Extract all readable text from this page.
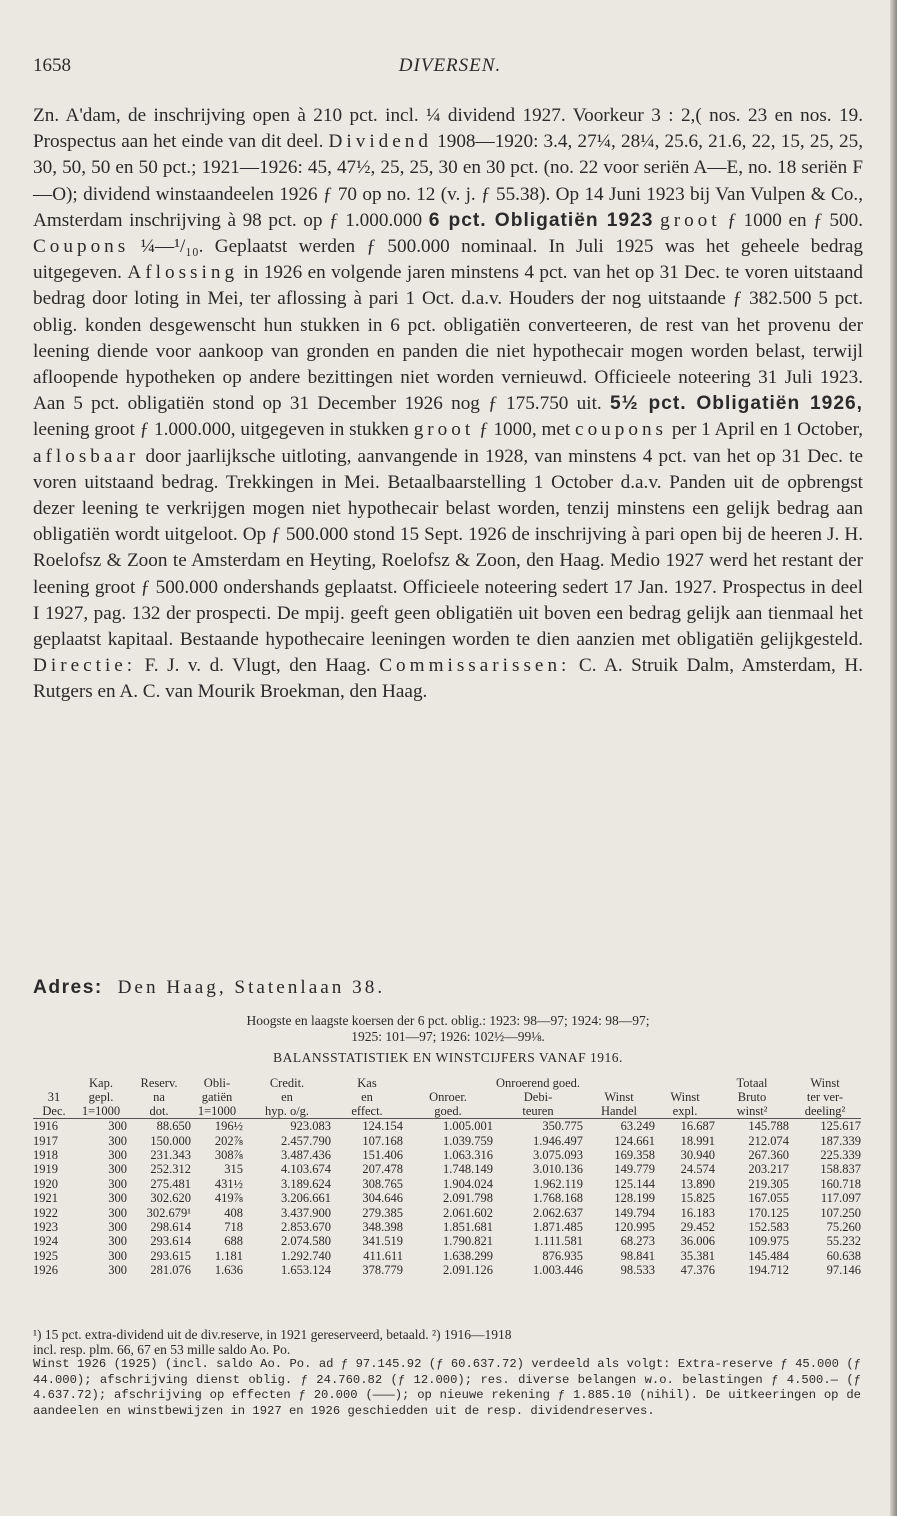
1658	DIVERSEN.
Zn. A'dam, de inschrijving open à 210 pct. incl. ¼ dividend 1927. Voorkeur 3 : 2,( nos. 23 en nos. 19. Prospectus aan het einde van dit deel. Dividend 1908—1920: 3.4, 27¼, 28¼, 25.6, 21.6, 22, 15, 25, 25, 30, 50, 50 en 50 pct.; 1921—1926: 45, 47½, 25, 25, 30 en 30 pct. (no. 22 voor seriën A—E, no. 18 seriën F—O); dividend winstaandeelen 1926 ƒ 70 op no. 12 (v. j. ƒ 55.38). Op 14 Juni 1923 bij Van Vulpen & Co., Amsterdam inschrijving à 98 pct. op ƒ 1.000.000 6 pct. Obligatiën 1923 groot ƒ 1000 en ƒ 500. Coupons ¼—¹/₁₀. Geplaatst werden ƒ 500.000 nominaal. In Juli 1925 was het geheele bedrag uitgegeven. Aflossing in 1926 en volgende jaren minstens 4 pct. van het op 31 Dec. te voren uitstaand bedrag door loting in Mei, ter aflossing à pari 1 Oct. d.a.v. Houders der nog uitstaande ƒ 382.500 5 pct. oblig. konden desgewenscht hun stukken in 6 pct. obligatiën converteeren, de rest van het provenu der leening diende voor aankoop van gronden en panden die niet hypothecair mogen worden belast, terwijl afloopende hypotheken op andere bezittingen niet worden vernieuwd. Officieele noteering 31 Juli 1923. Aan 5 pct. obligatiën stond op 31 December 1926 nog ƒ 175.750 uit. 5½ pct. Obligatiën 1926, leening groot ƒ 1.000.000, uitgegeven in stukken groot ƒ 1000, met coupons per 1 April en 1 October, aflosbaar door jaarlijksche uitloting, aanvangende in 1928, van minstens 4 pct. van het op 31 Dec. te voren uitstaand bedrag. Trekkingen in Mei. Betaalbaarstelling 1 October d.a.v. Panden uit de opbrengst dezer leening te verkrijgen mogen niet hypothecair belast worden, tenzij minstens een gelijk bedrag aan obligatiën wordt uitgeloot. Op ƒ 500.000 stond 15 Sept. 1926 de inschrijving à pari open bij de heeren J. H. Roelofsz & Zoon te Amsterdam en Heyting, Roelofsz & Zoon, den Haag. Medio 1927 werd het restant der leening groot ƒ 500.000 ondershands geplaatst. Officieele noteering sedert 17 Jan. 1927. Prospectus in deel I 1927, pag. 132 der prospecti. De mpij. geeft geen obligatiën uit boven een bedrag gelijk aan tienmaal het geplaatst kapitaal. Bestaande hypothecaire leeningen worden te dien aanzien met obligatiën gelijkgesteld. Directie: F. J. v. d. Vlugt, den Haag. Commissarissen: C. A. Struik Dalm, Amsterdam, H. Rutgers en A. C. van Mourik Broekman, den Haag.
Adres: Den Haag, Statenlaan 38.
Hoogste en laagste koersen der 6 pct. oblig.: 1923: 98—97; 1924: 98—97;
1925: 101—97; 1926: 102½—99⅛.
BALANSSTATISTIEK EN WINSTCIJFERS VANAF 1916.
	Kap.	Reserv.	Obli-	Credit.	Kas		Onroerend goed.			Totaal	Winst
31	gepl.	na	gatiën	en	en	Onroer.	Debi-	Winst	Winst	Bruto	ter ver-
Dec.	1=1000	dot.	1=1000	hyp. o/g.	effect.	goed.	teuren	Handel	expl.	winst²	deeling²
1916	300	88.650	196½	923.083	124.154	1.005.001	350.775	63.249	16.687	145.788	125.617
1917	300	150.000	202⅞	2.457.790	107.168	1.039.759	1.946.497	124.661	18.991	212.074	187.339
1918	300	231.343	308⅞	3.487.436	151.406	1.063.316	3.075.093	169.358	30.940	267.360	225.339
1919	300	252.312	315	4.103.674	207.478	1.748.149	3.010.136	149.779	24.574	203.217	158.837
1920	300	275.481	431½	3.189.624	308.765	1.904.024	1.962.119	125.144	13.890	219.305	160.718
1921	300	302.620	419⅞	3.206.661	304.646	2.091.798	1.768.168	128.199	15.825	167.055	117.097
1922	300	302.679¹	408	3.437.900	279.385	2.061.602	2.062.637	149.794	16.183	170.125	107.250
1923	300	298.614	718	2.853.670	348.398	1.851.681	1.871.485	120.995	29.452	152.583	75.260
1924	300	293.614	688	2.074.580	341.519	1.790.821	1.111.581	68.273	36.006	109.975	55.232
1925	300	293.615	1.181	1.292.740	411.611	1.638.299	876.935	98.841	35.381	145.484	60.638
1926	300	281.076	1.636	1.653.124	378.779	2.091.126	1.003.446	98.533	47.376	194.712	97.146
¹) 15 pct. extra-dividend uit de div.reserve, in 1921 gereserveerd, betaald. ²) 1916—1918
incl. resp. plm. 66, 67 en 53 mille saldo Ao. Po.
Winst 1926 (1925) (incl. saldo Ao. Po. ad ƒ 97.145.92 (ƒ 60.637.72) verdeeld als volgt: Extra-reserve ƒ 45.000 (ƒ 44.000); afschrijving dienst oblig. ƒ 24.760.82 (ƒ 12.000); res. diverse belangen w.o. belastingen ƒ 4.500.— (ƒ 4.637.72); afschrijving op effecten ƒ 20.000 (———); op nieuwe rekening ƒ 1.885.10 (nihil). De uitkeeringen op de aandeelen en winstbewijzen in 1927 en 1926 geschiedden uit de resp. dividendreserves.
